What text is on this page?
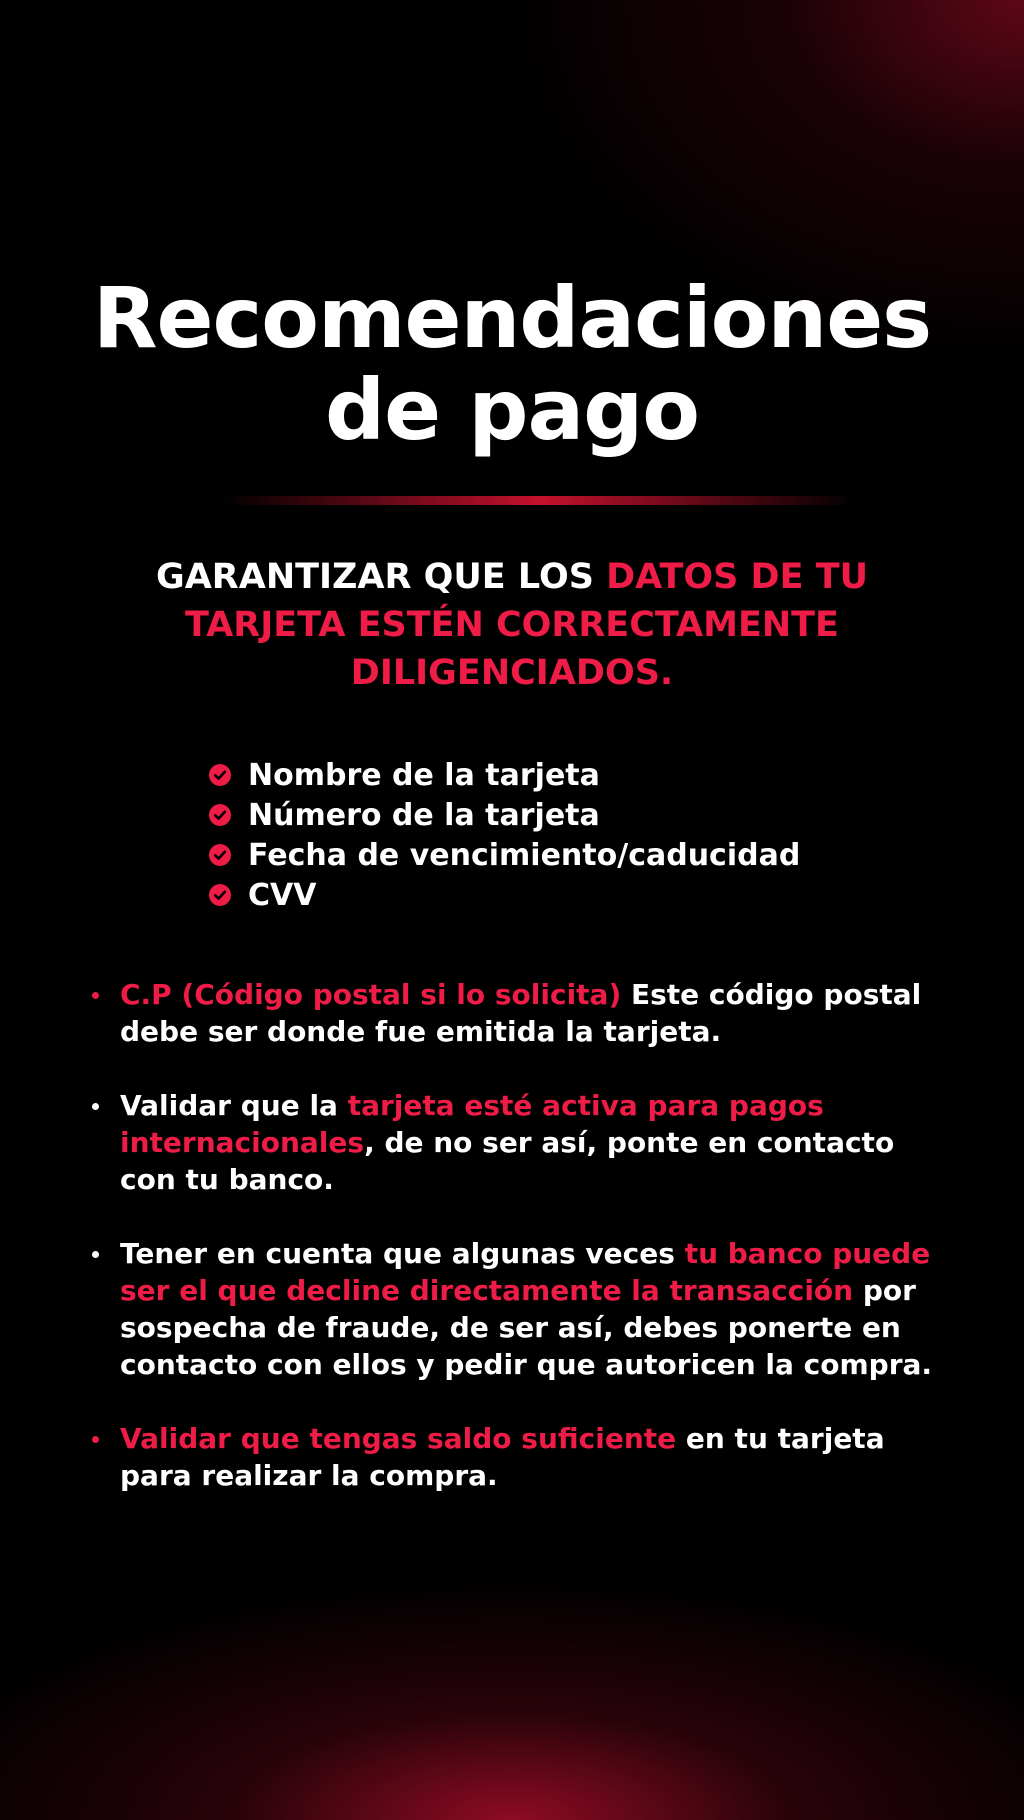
Recomendaciones
de pago

GARANTIZAR QUE LOS DATOS DE TU TARJETA ESTÉN CORRECTAMENTE DILIGENCIADOS.

Nombre de la tarjeta
Número de la tarjeta
Fecha de vencimiento/caducidad
CVV
C.P (Código postal si lo solicita) Este código postal debe ser donde fue emitida la tarjeta.
Validar que la tarjeta esté activa para pagos internacionales, de no ser así, ponte en contacto con tu banco.
Tener en cuenta que algunas veces tu banco puede ser el que decline directamente la transacción por sospecha de fraude, de ser así, debes ponerte en contacto con ellos y pedir que autoricen la compra.
Validar que tengas saldo suficiente en tu tarjeta para realizar la compra.
